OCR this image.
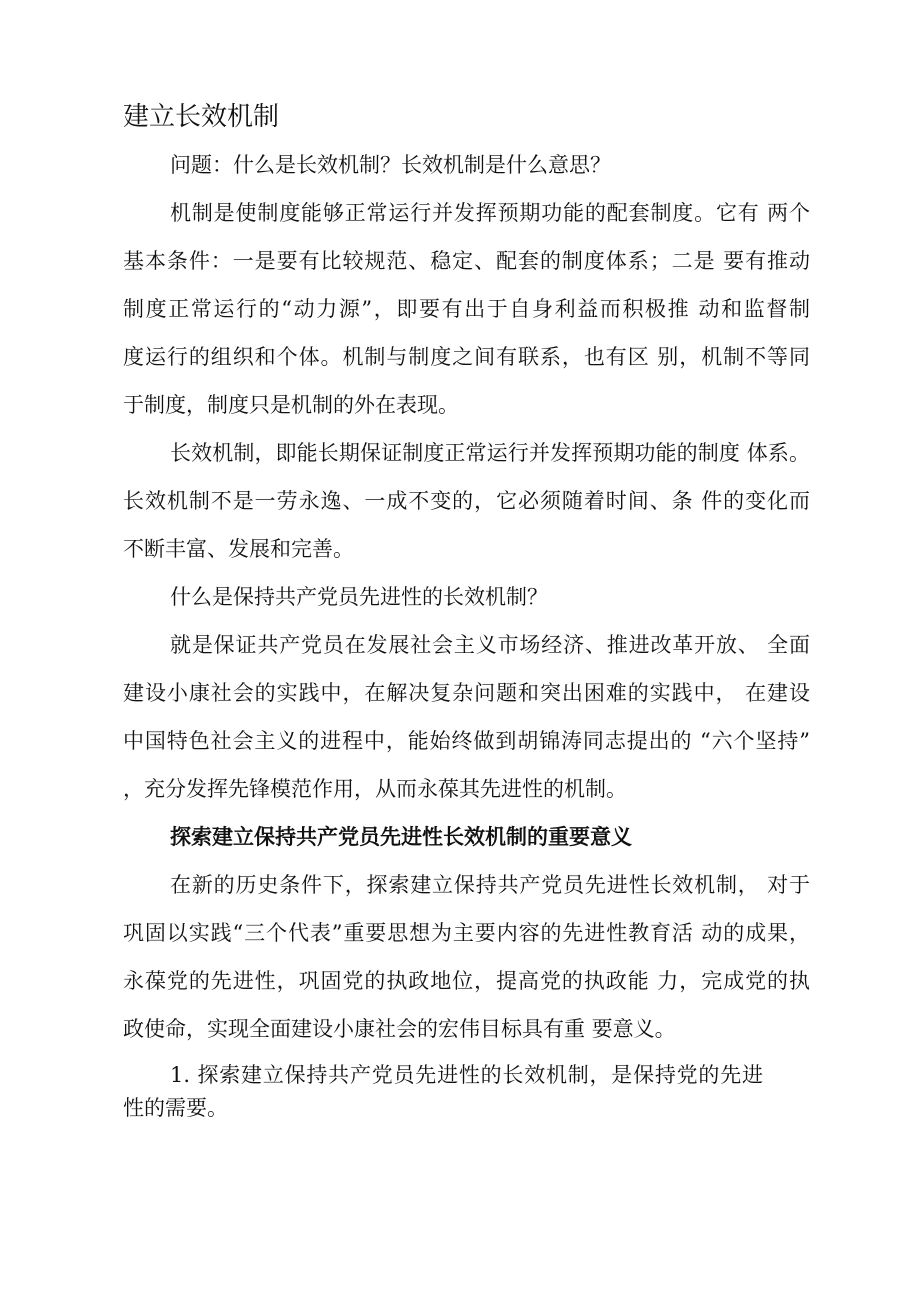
建立长效机制
问题：什么是长效机制？长效机制是什么意思？
机制是使制度能够正常运行并发挥预期功能的配套制度。它有 两个
基本条件：一是要有比较规范、稳定、配套的制度体系；二是 要有推动
制度正常运行的“动力源”，即要有出于自身利益而积极推 动和监督制
度运行的组织和个体。机制与制度之间有联系，也有区 别，机制不等同
于制度，制度只是机制的外在表现。
长效机制，即能长期保证制度正常运行并发挥预期功能的制度 体系。
长效机制不是一劳永逸、一成不变的，它必须随着时间、条 件的变化而
不断丰富、发展和完善。
什么是保持共产党员先进性的长效机制？
就是保证共产党员在发展社会主义市场经济、推进改革开放、 全面
建设小康社会的实践中，在解决复杂问题和突出困难的实践中， 在建设
中国特色社会主义的进程中，能始终做到胡锦涛同志提出的 “六个坚持”
，充分发挥先锋模范作用，从而永葆其先进性的机制。
探索建立保持共产党员先进性长效机制的重要意义
在新的历史条件下，探索建立保持共产党员先进性长效机制， 对于
巩固以实践“三个代表”重要思想为主要内容的先进性教育活 动的成果，
永葆党的先进性，巩固党的执政地位，提高党的执政能 力，完成党的执
政使命，实现全面建设小康社会的宏伟目标具有重 要意义。
1. 探索建立保持共产党员先进性的长效机制，是保持党的先进
性的需要。
